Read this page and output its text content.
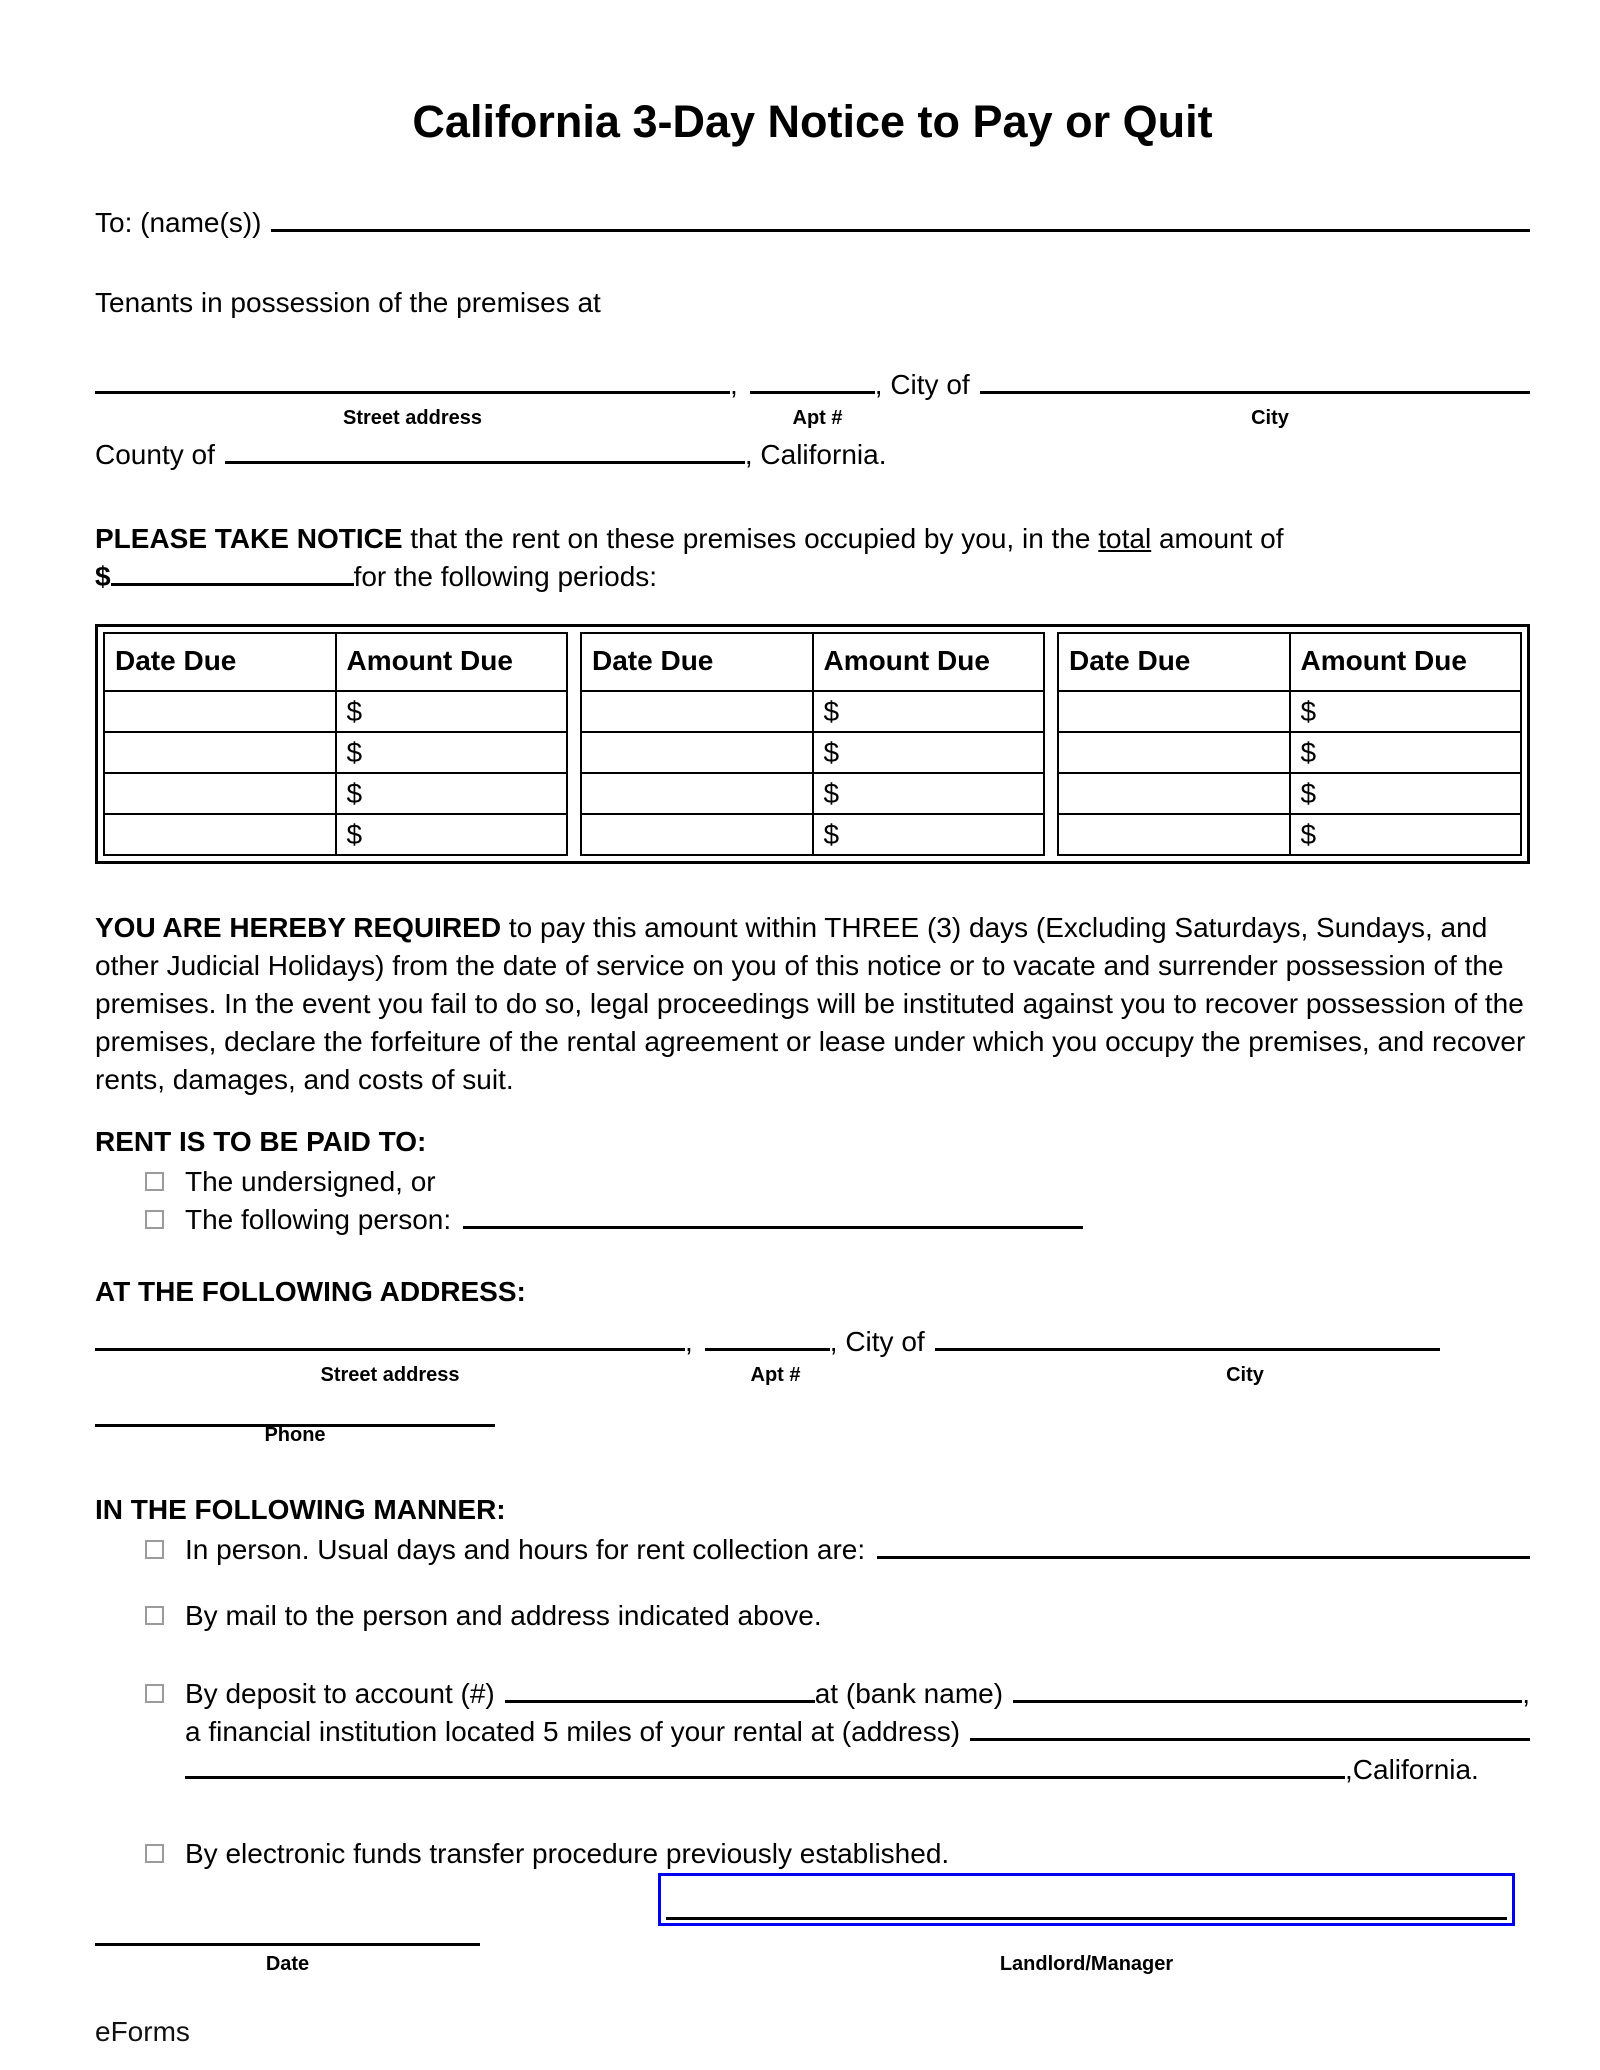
California 3-Day Notice to Pay or Quit
To: (name(s))
Tenants in possession of the premises at
,	, City of
Street address	Apt #	City
County of	, California.
PLEASE TAKE NOTICE that the rent on these premises occupied by you, in the total amount of
$	for the following periods:
Date Due	Amount Due
	$
	$
	$
	$
Date Due	Amount Due
	$
	$
	$
	$
Date Due	Amount Due
	$
	$
	$
	$
YOU ARE HEREBY REQUIRED to pay this amount within THREE (3) days (Excluding Saturdays, Sundays, and other Judicial Holidays) from the date of service on you of this notice or to vacate and surrender possession of the premises. In the event you fail to do so, legal proceedings will be instituted against you to recover possession of the premises, declare the forfeiture of the rental agreement or lease under which you occupy the premises, and recover rents, damages, and costs of suit.
RENT IS TO BE PAID TO:
The undersigned, or
The following person:
AT THE FOLLOWING ADDRESS:
,	, City of
Street address	Apt #	City
Phone
IN THE FOLLOWING MANNER:
In person. Usual days and hours for rent collection are:
By mail to the person and address indicated above.
By deposit to account (#)	at (bank name)	,
a financial institution located 5 miles of your rental at (address)
,California.
By electronic funds transfer procedure previously established.
Date	Landlord/Manager
eForms
